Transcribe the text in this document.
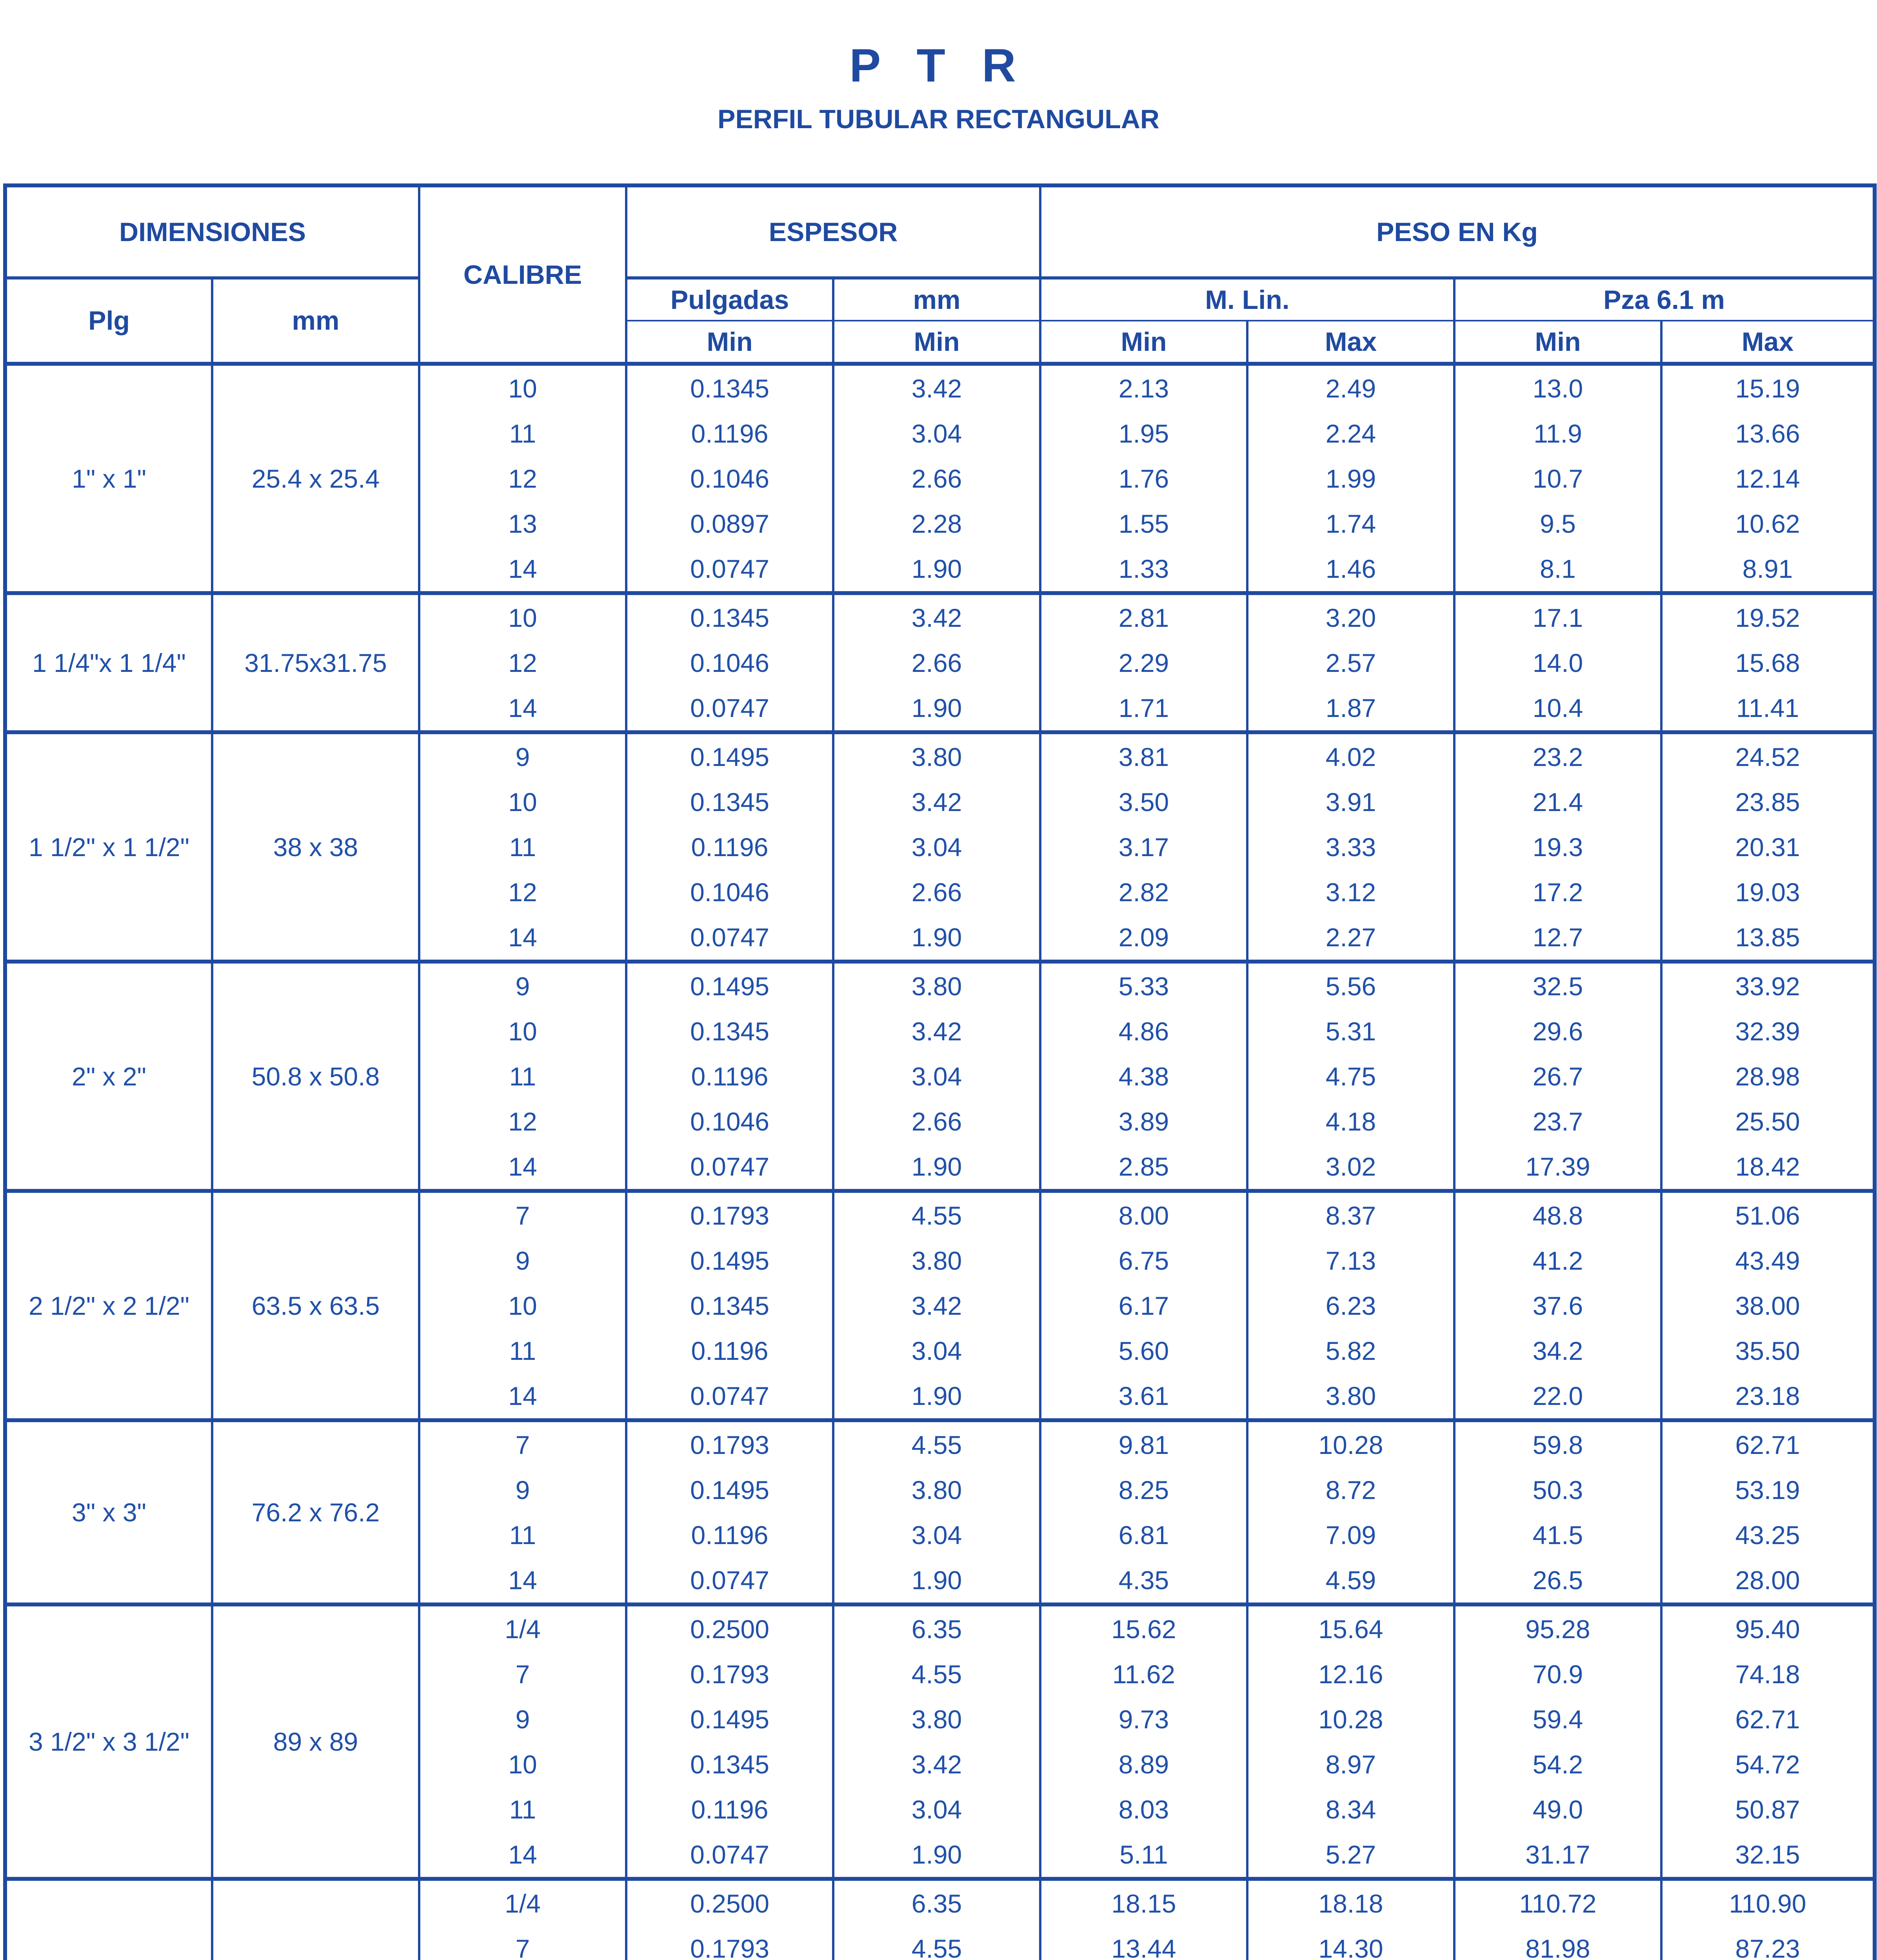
P T R
PERFIL TUBULAR RECTANGULAR
DIMENSIONES		CALIBRE	ESPESOR		PESO EN Kg			
Plg	mm		Pulgadas	mm	M. Lin.		Pza 6.1 m	
			Min	Min	Min	Max	Min	Max
1" x 1"	25.4 x 25.4	10	0.1345	3.42	2.13	2.49	13.0	15.19
		11	0.1196	3.04	1.95	2.24	11.9	13.66
		12	0.1046	2.66	1.76	1.99	10.7	12.14
		13	0.0897	2.28	1.55	1.74	9.5	10.62
		14	0.0747	1.90	1.33	1.46	8.1	8.91
1 1/4"x 1 1/4"	31.75x31.75	10	0.1345	3.42	2.81	3.20	17.1	19.52
		12	0.1046	2.66	2.29	2.57	14.0	15.68
		14	0.0747	1.90	1.71	1.87	10.4	11.41
1 1/2" x 1 1/2"	38 x 38	9	0.1495	3.80	3.81	4.02	23.2	24.52
		10	0.1345	3.42	3.50	3.91	21.4	23.85
		11	0.1196	3.04	3.17	3.33	19.3	20.31
		12	0.1046	2.66	2.82	3.12	17.2	19.03
		14	0.0747	1.90	2.09	2.27	12.7	13.85
2" x 2"	50.8 x 50.8	9	0.1495	3.80	5.33	5.56	32.5	33.92
		10	0.1345	3.42	4.86	5.31	29.6	32.39
		11	0.1196	3.04	4.38	4.75	26.7	28.98
		12	0.1046	2.66	3.89	4.18	23.7	25.50
		14	0.0747	1.90	2.85	3.02	17.39	18.42
2 1/2" x 2 1/2"	63.5 x 63.5	7	0.1793	4.55	8.00	8.37	48.8	51.06
		9	0.1495	3.80	6.75	7.13	41.2	43.49
		10	0.1345	3.42	6.17	6.23	37.6	38.00
		11	0.1196	3.04	5.60	5.82	34.2	35.50
		14	0.0747	1.90	3.61	3.80	22.0	23.18
3" x 3"	76.2 x 76.2	7	0.1793	4.55	9.81	10.28	59.8	62.71
		9	0.1495	3.80	8.25	8.72	50.3	53.19
		11	0.1196	3.04	6.81	7.09	41.5	43.25
		14	0.0747	1.90	4.35	4.59	26.5	28.00
3 1/2" x 3 1/2"	89 x 89	1/4	0.2500	6.35	15.62	15.64	95.28	95.40
		7	0.1793	4.55	11.62	12.16	70.9	74.18
		9	0.1495	3.80	9.73	10.28	59.4	62.71
		10	0.1345	3.42	8.89	8.97	54.2	54.72
		11	0.1196	3.04	8.03	8.34	49.0	50.87
		14	0.0747	1.90	5.11	5.27	31.17	32.15
		1/4	0.2500	6.35	18.15	18.18	110.72	110.90
		7	0.1793	4.55	13.44	14.30	81.98	87.23
